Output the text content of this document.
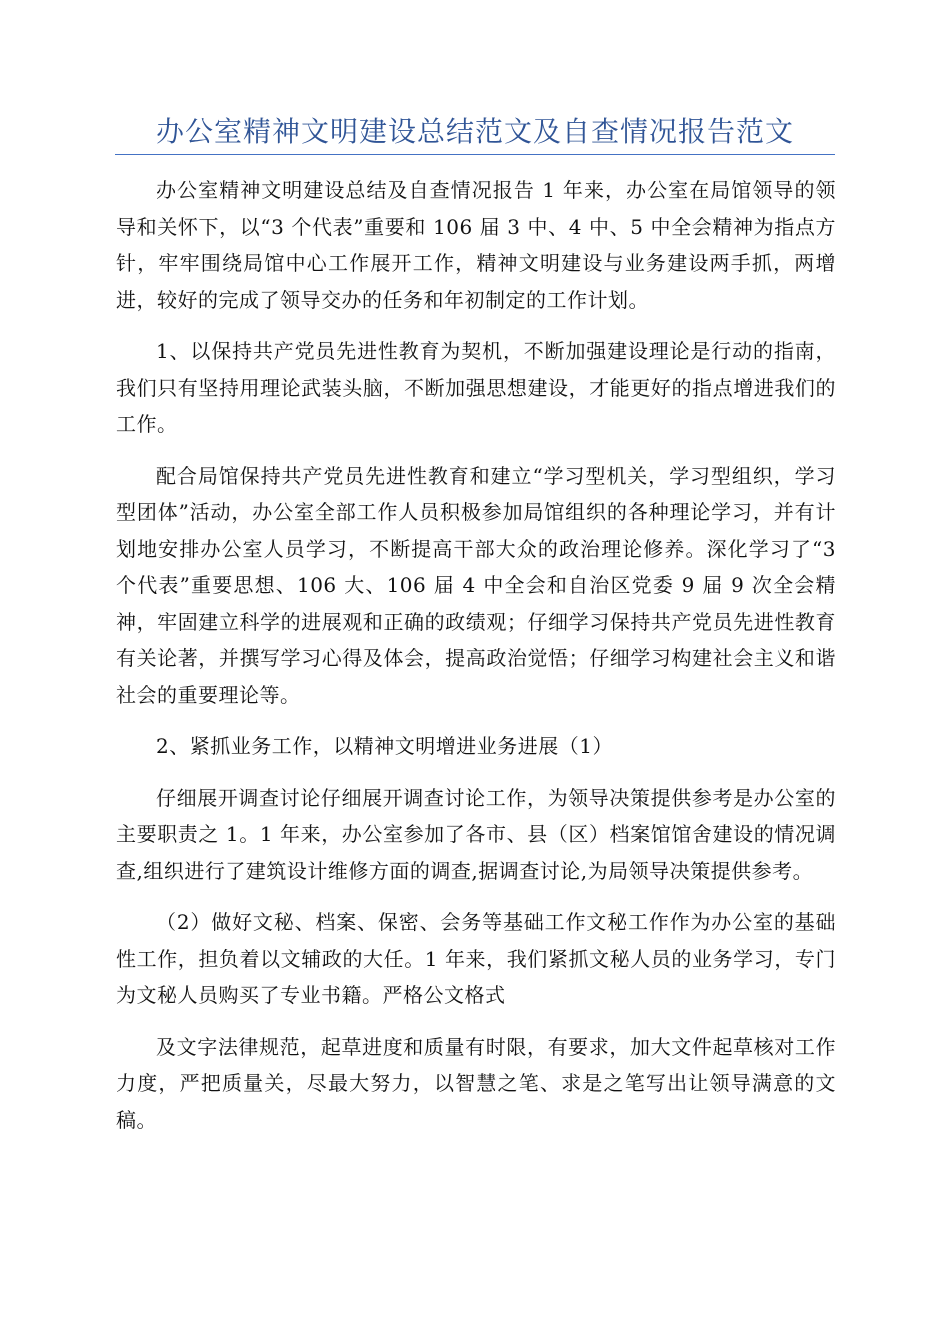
办公室精神文明建设总结范文及自查情况报告范文

办公室精神文明建设总结及自查情况报告 1 年来，办公室在局馆领导的领导和关怀下，以“3 个代表”重要和 106 届 3 中、4 中、5 中全会精神为指点方针，牢牢围绕局馆中心工作展开工作，精神文明建设与业务建设两手抓，两增进，较好的完成了领导交办的任务和年初制定的工作计划。

1、以保持共产党员先进性教育为契机，不断加强建设理论是行动的指南，我们只有坚持用理论武装头脑，不断加强思想建设，才能更好的指点增进我们的工作。

配合局馆保持共产党员先进性教育和建立“学习型机关，学习型组织，学习型团体”活动，办公室全部工作人员积极参加局馆组织的各种理论学习，并有计划地安排办公室人员学习，不断提高干部大众的政治理论修养。深化学习了“3 个代表”重要思想、106 大、106 届 4 中全会和自治区党委 9 届 9 次全会精神，牢固建立科学的进展观和正确的政绩观；仔细学习保持共产党员先进性教育有关论著，并撰写学习心得及体会，提高政治觉悟；仔细学习构建社会主义和谐社会的重要理论等。

2、紧抓业务工作，以精神文明增进业务进展（1）

仔细展开调查讨论仔细展开调查讨论工作，为领导决策提供参考是办公室的主要职责之 1。1 年来，办公室参加了各市、县（区）档案馆馆舍建设的情况调查,组织进行了建筑设计维修方面的调查,据调查讨论,为局领导决策提供参考。

（2）做好文秘、档案、保密、会务等基础工作文秘工作作为办公室的基础性工作，担负着以文辅政的大任。1 年来，我们紧抓文秘人员的业务学习，专门为文秘人员购买了专业书籍。严格公文格式

及文字法律规范，起草进度和质量有时限，有要求，加大文件起草核对工作力度，严把质量关，尽最大努力，以智慧之笔、求是之笔写出让领导满意的文稿。
